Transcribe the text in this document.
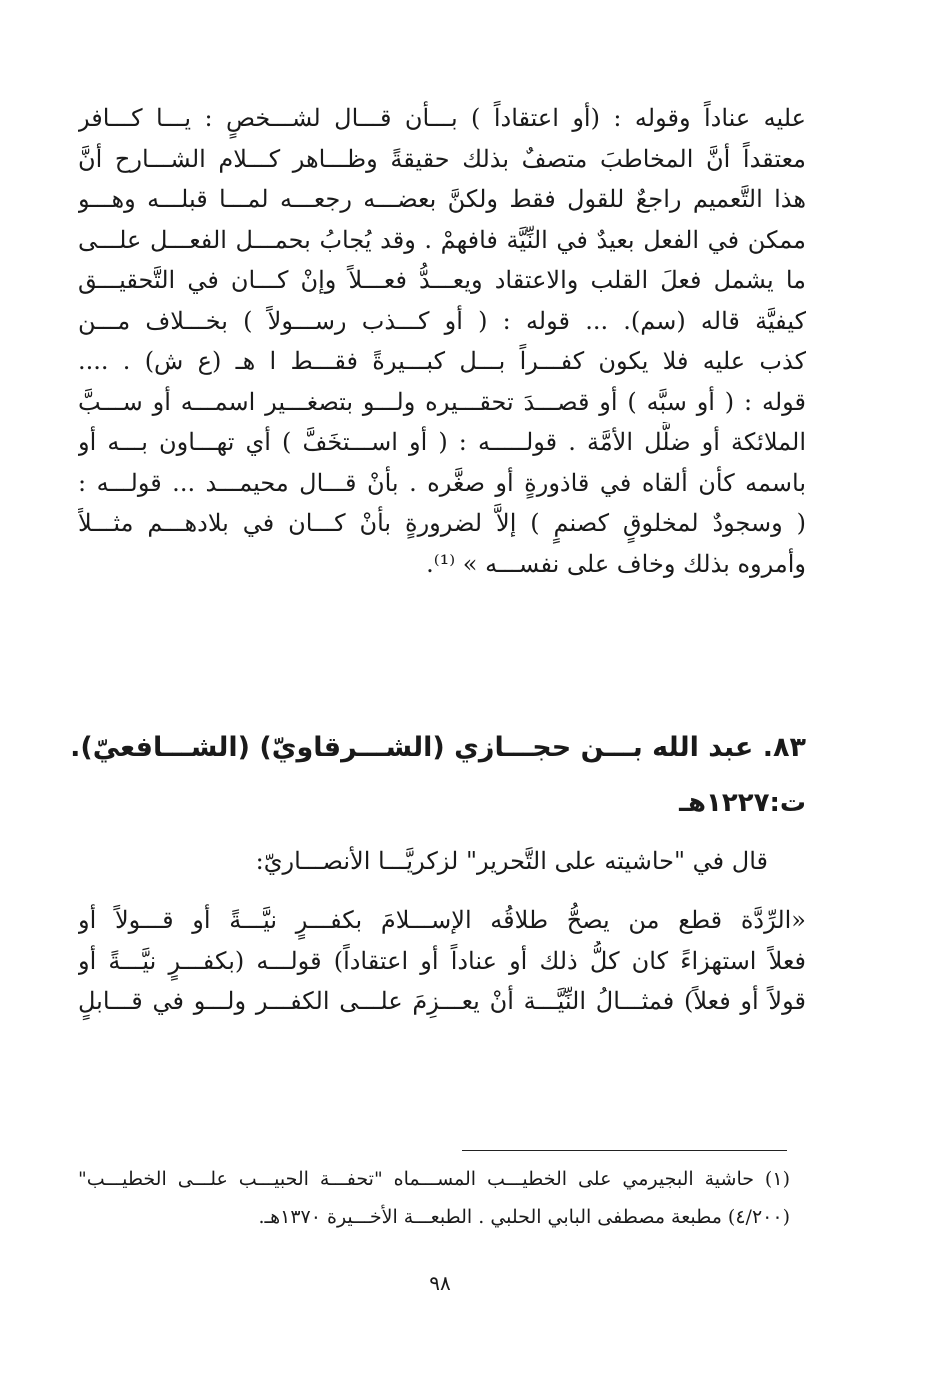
عليه عناداً وقوله : (أو اعتقاداً ) بـــأن قـــال لشـــخصٍ : يـــا كـــافر
معتقداً أنَّ المخاطبَ متصفٌ بذلك حقيقةً وظـــاهر كـــلام الشـــارح أنَّ
هذا التَّعميم راجعٌ للقول فقط ولكنَّ بعضـــه رجعـــه لمـــا قبلـــه وهـــو
ممكن في الفعل بعيدٌ في النِّيَّة فافهمْ . وقد يُجابُ بحمـــل الفعـــل علـــى
ما يشمل فعلَ القلب والاعتقاد ويعـــدُّ فعـــلاً وإنْ كـــان في التَّحقيـــق
كيفيَّة قاله (سم). ... قوله : ( أو كـــذب رســـولاً ) بخـــلاف مـــن
كذب عليه فلا يكون كفـــراً بـــل كبـــيرةً فقـــط ا هـ (ع ش) . ....
قوله : ( أو سبَّه ) أو قصـــدَ تحقـــيره ولـــو بتصغـــير اسمـــه أو ســـبَّ
الملائكة أو ضلَّل الأمَّة . قولـــــه : ( أو اســـتخَفَّ ) أي تهـــاون بـــه أو
باسمه كأن ألقاه في قاذورةٍ أو صغَّره . بأنْ قـــال محيمـــد ... قولـــه :
( وسجودٌ لمخلوقٍ كصنمٍ ) إلاَّ لضرورةٍ بأنْ كـــان في بلادهـــم مثـــلاً
وأمروه بذلك وخاف على نفســـه » ⁽¹⁾.
٨٣. عبد الله بـــن حجـــازي (الشـــرقاويّ) (الشـــافعيّ).
ت:١٢٢٧هـ
قال في "حاشيته على التَّحرير" لزكريَّـــا الأنصـــاريّ:
«الرِّدَّة قطع من يصحُّ طلاقُه الإســـلامَ بكفـــرٍ نيَّـــةً أو قـــولاً أو
فعلاً استهزاءً كان كلُّ ذلك أو عناداً أو اعتقاداً) قولـــه (بكفـــرٍ نيَّـــةً أو
قولاً أو فعلاً) فمثـــالُ النِّيَّـــة أنْ يعـــزِمَ علـــى الكفـــر ولـــو في قـــابلٍ
(١) حاشية البجيرمي على الخطيـــب المســـماه "تحفـــة الحبيـــب علـــى الخطيـــب"
(٤/٢٠٠) مطبعة مصطفى البابي الحلبي . الطبعـــة الأخـــيرة ١٣٧٠هـ.
٩٨
